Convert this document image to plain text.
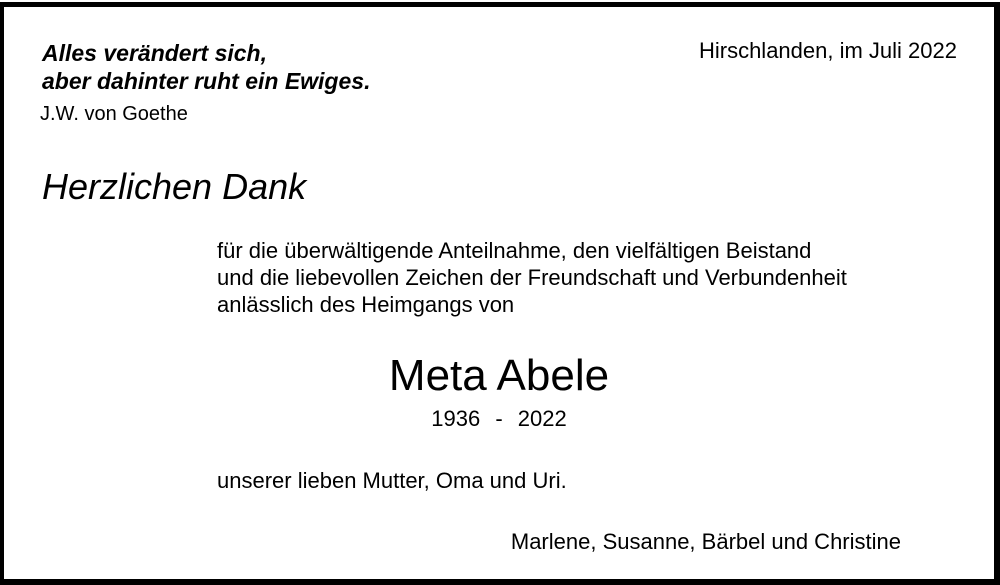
Alles verändert sich,
aber dahinter ruht ein Ewiges.
J.W. von Goethe
Hirschlanden, im Juli 2022
Herzlichen Dank
für die überwältigende Anteilnahme, den vielfältigen Beistand
und die liebevollen Zeichen der Freundschaft und Verbundenheit
anlässlich des Heimgangs von
Meta Abele
1936 - 2022
unserer lieben Mutter, Oma und Uri.
Marlene, Susanne, Bärbel und Christine
